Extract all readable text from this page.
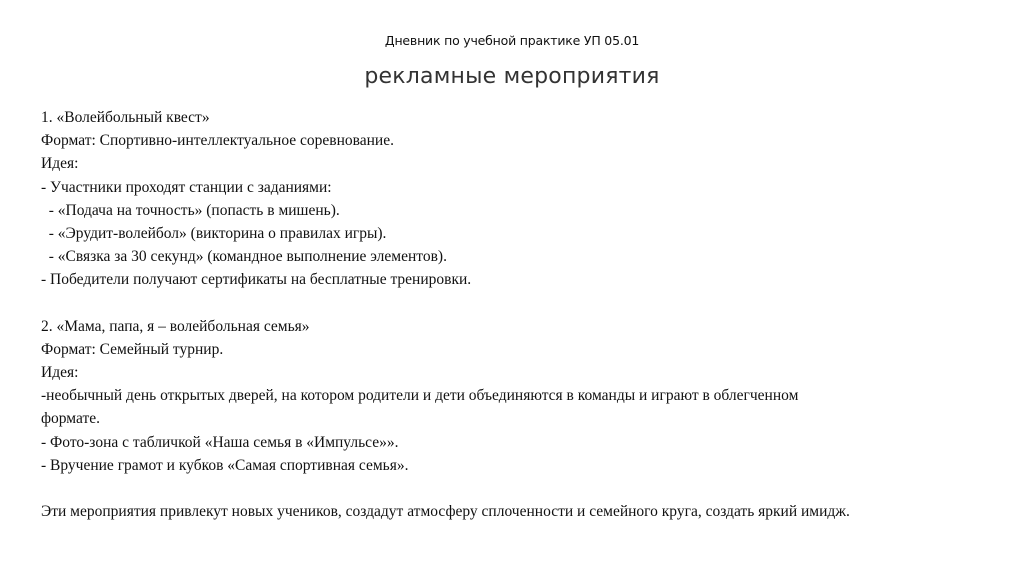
Дневник по учебной практике УП 05.01
рекламные мероприятия
1. «Волейбольный квест»
Формат: Спортивно-интеллектуальное соревнование.
Идея:
- Участники проходят станции с заданиями:
- «Подача на точность» (попасть в мишень).
- «Эрудит-волейбол» (викторина о правилах игры).
- «Связка за 30 секунд» (командное выполнение элементов).
- Победители получают сертификаты на бесплатные тренировки.
2. «Мама, папа, я – волейбольная семья»
Формат: Семейный турнир.
Идея:
-необычный день открытых дверей, на котором родители и дети объединяются в команды и играют в облегченном
формате.
- Фото-зона с табличкой «Наша семья в «Импульсе»».
- Вручение грамот и кубков «Самая спортивная семья».
Эти мероприятия привлекут новых учеников, создадут атмосферу сплоченности и семейного круга, создать яркий имидж.
